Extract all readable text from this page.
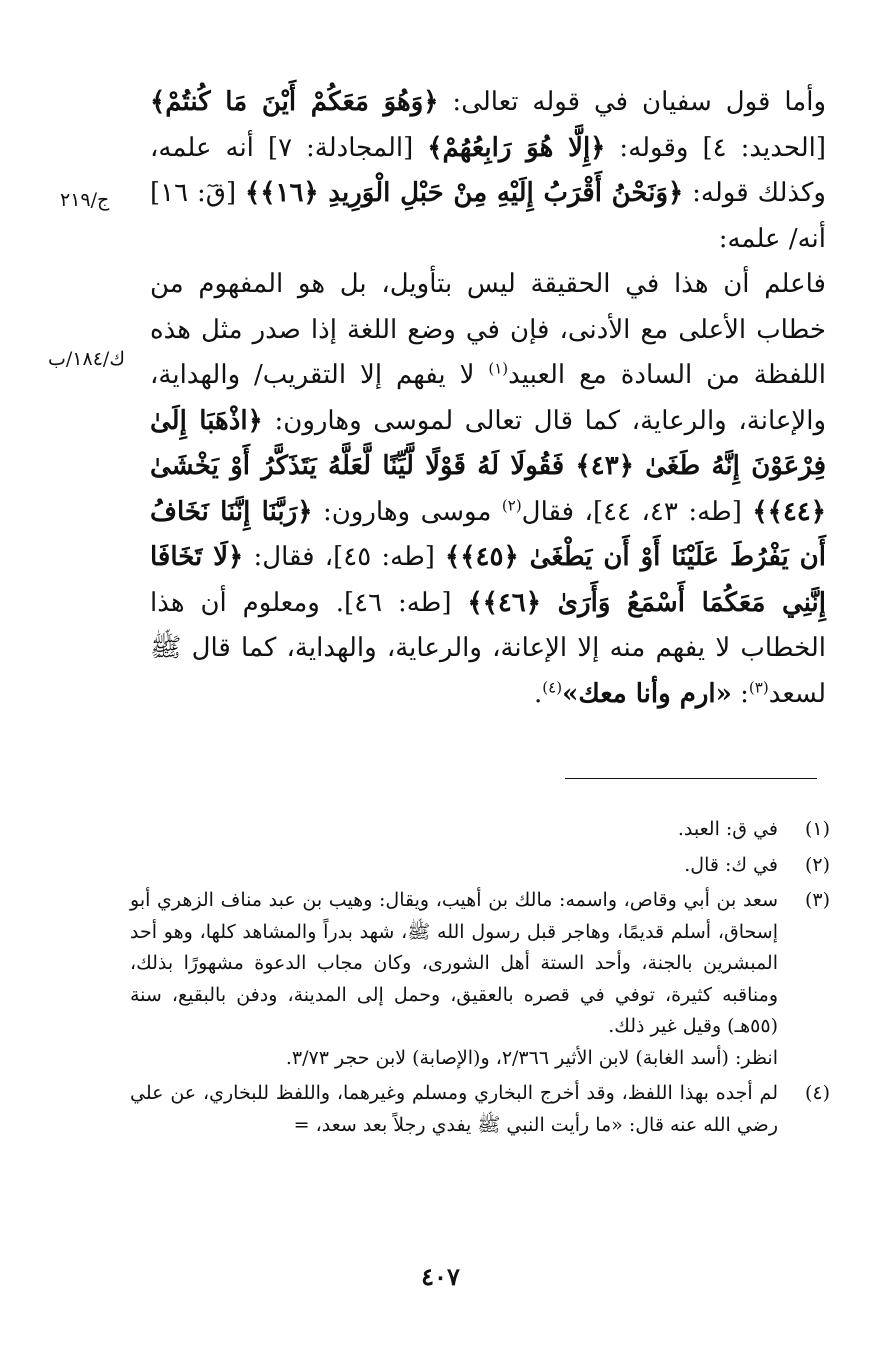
وأما قول سفيان في قوله تعالى: ﴿وَهُوَ مَعَكُمْ أَيْنَ مَا كُنتُمْ﴾ [الحديد: ٤] وقوله: ﴿إِلَّا هُوَ رَابِعُهُمْ﴾ [المجادلة: ٧] أنه علمه، وكذلك قوله: ﴿وَنَحْنُ أَقْرَبُ إِلَيْهِ مِنْ حَبْلِ الْوَرِيدِ ﴿١٦﴾﴾ [قٓ: ١٦] أنه/ علمه:

فاعلم أن هذا في الحقيقة ليس بتأويل، بل هو المفهوم من خطاب الأعلى مع الأدنى، فإن في وضع اللغة إذا صدر مثل هذه اللفظة من السادة مع العبيد$^{(١)}$ لا يفهم إلا التقريب/ والهداية، والإعانة، والرعاية، كما قال تعالى لموسى وهارون: ﴿اذْهَبَا إِلَىٰ فِرْعَوْنَ إِنَّهُ طَغَىٰ ﴿٤٣﴾ فَقُولَا لَهُ قَوْلًا لَّيِّنًا لَّعَلَّهُ يَتَذَكَّرُ أَوْ يَخْشَىٰ ﴿٤٤﴾﴾ [طه: ٤٣، ٤٤]، فقال$^{(٢)}$ موسى وهارون: ﴿رَبَّنَا إِنَّنَا نَخَافُ أَن يَفْرُطَ عَلَيْنَا أَوْ أَن يَطْغَىٰ ﴿٤٥﴾﴾ [طه: ٤٥]، فقال: ﴿لَا تَخَافَا إِنَّنِي مَعَكُمَا أَسْمَعُ وَأَرَىٰ ﴿٤٦﴾﴾ [طه: ٤٦]. ومعلوم أن هذا الخطاب لا يفهم منه إلا الإعانة، والرعاية، والهداية، كما قال ﷺ لسعد$^{(٣)}$: «ارم وأنا معك»$^{(٤)}$.

ج/٢١٩
ك/١٨٤/ب
(١)
في ق: العبد.
(٢)
في ك: قال.
(٣)
سعد بن أبي وقاص، واسمه: مالك بن أهيب، ويقال: وهيب بن عبد مناف الزهري أبو إسحاق، أسلم قديمًا، وهاجر قبل رسول الله ﷺ، شهد بدراً والمشاهد كلها، وهو أحد المبشرين بالجنة، وأحد الستة أهل الشورى، وكان مجاب الدعوة مشهورًا بذلك، ومناقبه كثيرة، توفي في قصره بالعقيق، وحمل إلى المدينة، ودفن بالبقيع، سنة (٥٥هـ) وقيل غير ذلك.
انظر: (أسد الغابة) لابن الأثير ٢/٣٦٦، و(الإصابة) لابن حجر ٣/٧٣.
(٤)
لم أجده بهذا اللفظ، وقد أخرج البخاري ومسلم وغيرهما، واللفظ للبخاري، عن علي رضي الله عنه قال: «ما رأيت النبي ﷺ يفدي رجلاً بعد سعد، =
٤٠٧
